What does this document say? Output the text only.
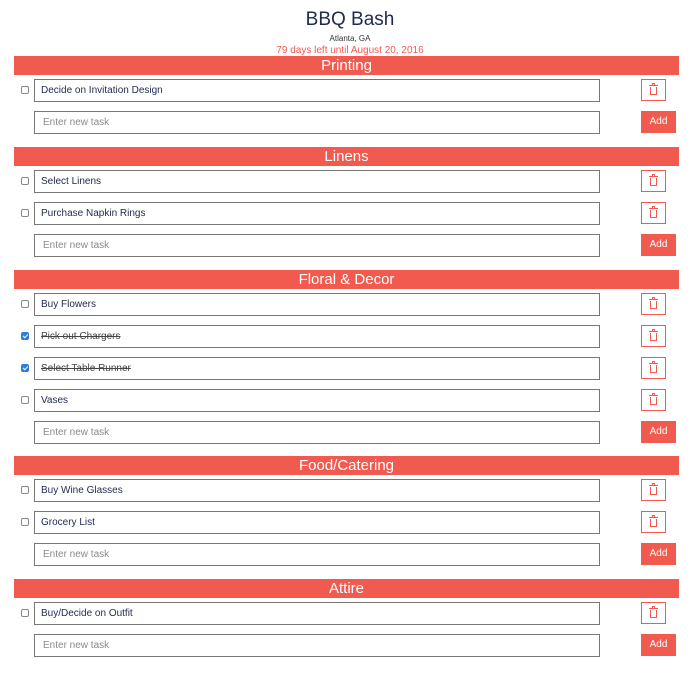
BBQ Bash
Atlanta, GA
79 days left until August 20, 2016
Printing
Decide on Invitation Design
Enter new task
Add
Linens
Select Linens
Purchase Napkin Rings
Enter new task
Add
Floral & Decor
Buy Flowers
Pick out Chargers
Select Table Runner
Vases
Enter new task
Add
Food/Catering
Buy Wine Glasses
Grocery List
Enter new task
Add
Attire
Buy/Decide on Outfit
Enter new task
Add
